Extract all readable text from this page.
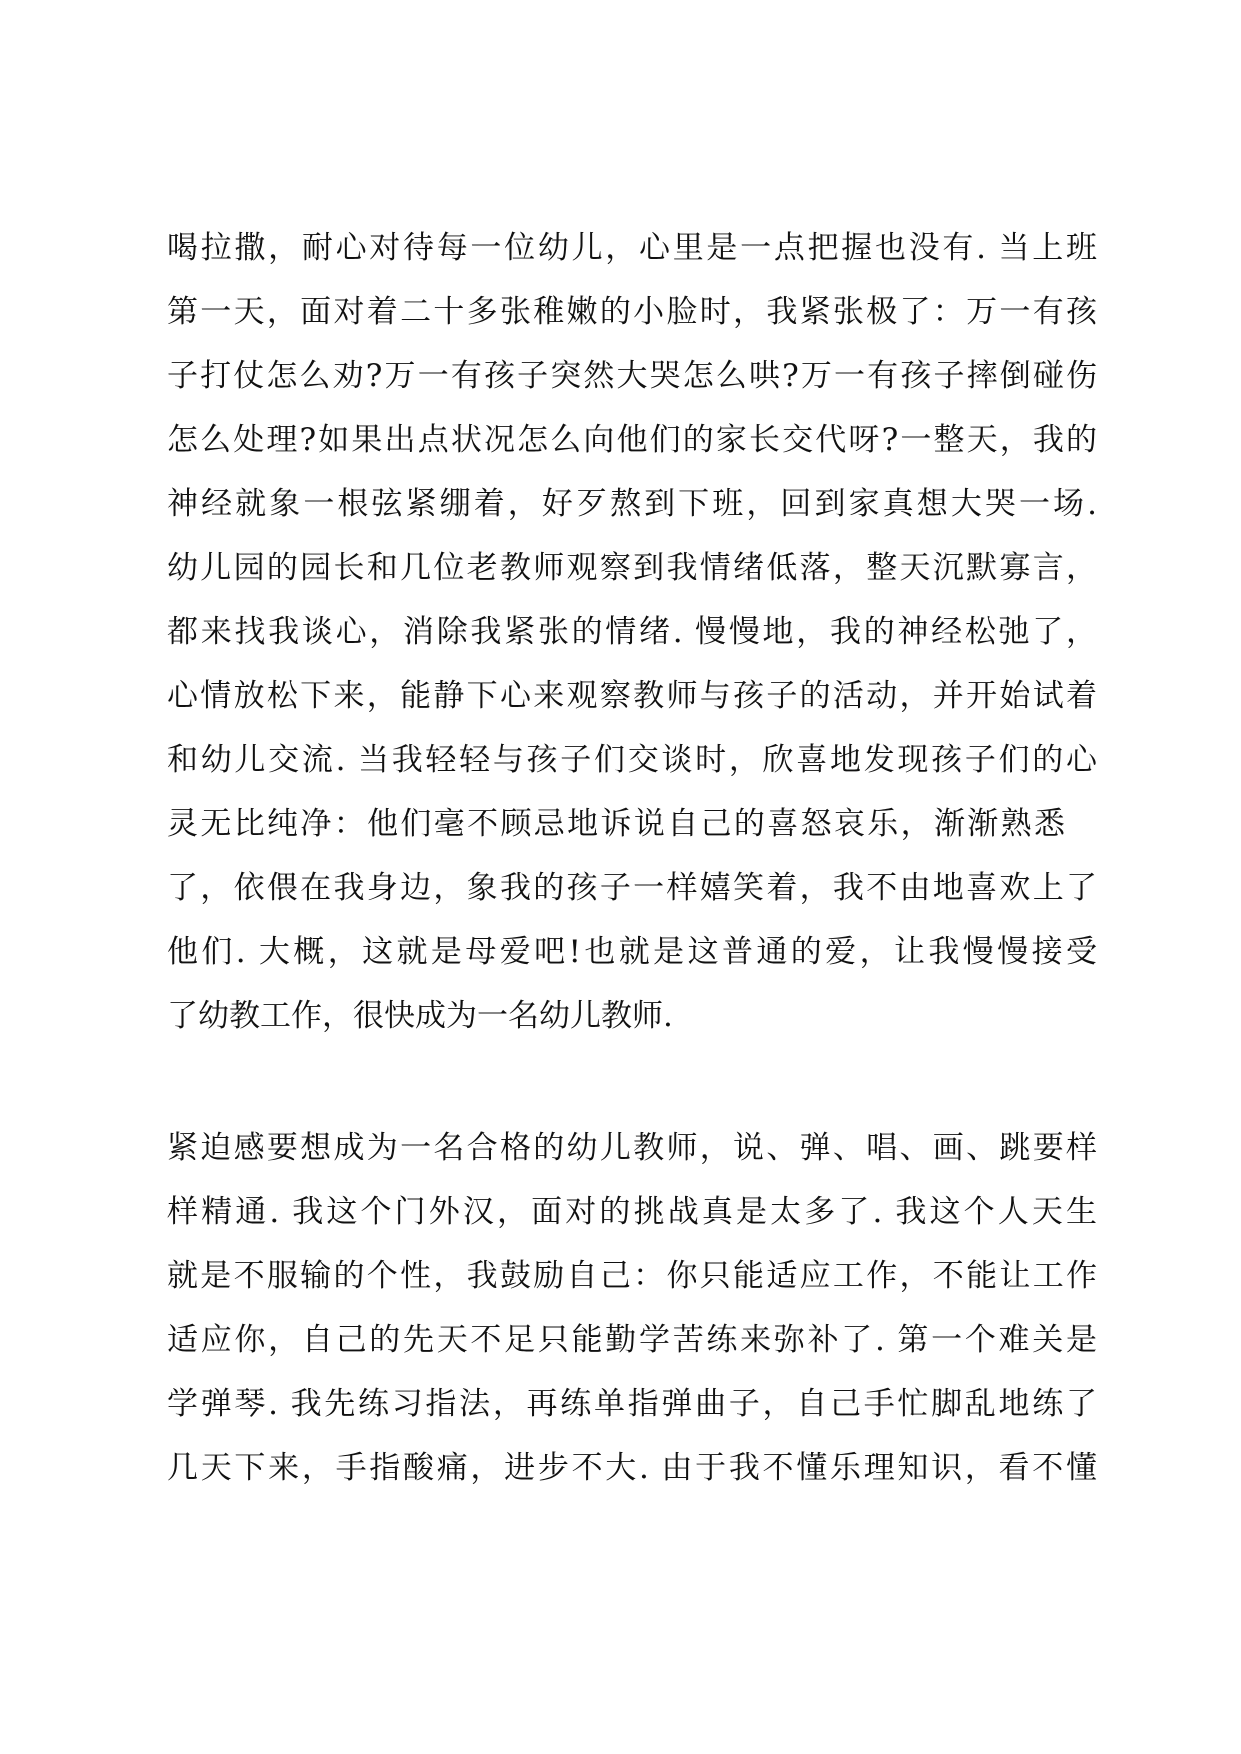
喝拉撒，耐心对待每一位幼儿，心里是一点把握也没有. 当上班
第一天，面对着二十多张稚嫩的小脸时，我紧张极了：万一有孩
子打仗怎么劝?万一有孩子突然大哭怎么哄?万一有孩子摔倒碰伤
怎么处理?如果出点状况怎么向他们的家长交代呀?一整天，我的
神经就象一根弦紧绷着，好歹熬到下班，回到家真想大哭一场.
幼儿园的园长和几位老教师观察到我情绪低落，整天沉默寡言，
都来找我谈心，消除我紧张的情绪. 慢慢地，我的神经松弛了，
心情放松下来，能静下心来观察教师与孩子的活动，并开始试着
和幼儿交流. 当我轻轻与孩子们交谈时，欣喜地发现孩子们的心
灵无比纯净：他们毫不顾忌地诉说自己的喜怒哀乐，渐渐熟悉
了，依偎在我身边，象我的孩子一样嬉笑着，我不由地喜欢上了
他们. 大概，这就是母爱吧!也就是这普通的爱，让我慢慢接受
了幼教工作，很快成为一名幼儿教师.
紧迫感要想成为一名合格的幼儿教师，说、弹、唱、画、跳要样
样精通. 我这个门外汉，面对的挑战真是太多了. 我这个人天生
就是不服输的个性，我鼓励自己：你只能适应工作，不能让工作
适应你，自己的先天不足只能勤学苦练来弥补了. 第一个难关是
学弹琴. 我先练习指法，再练单指弹曲子，自己手忙脚乱地练了
几天下来，手指酸痛，进步不大. 由于我不懂乐理知识，看不懂
